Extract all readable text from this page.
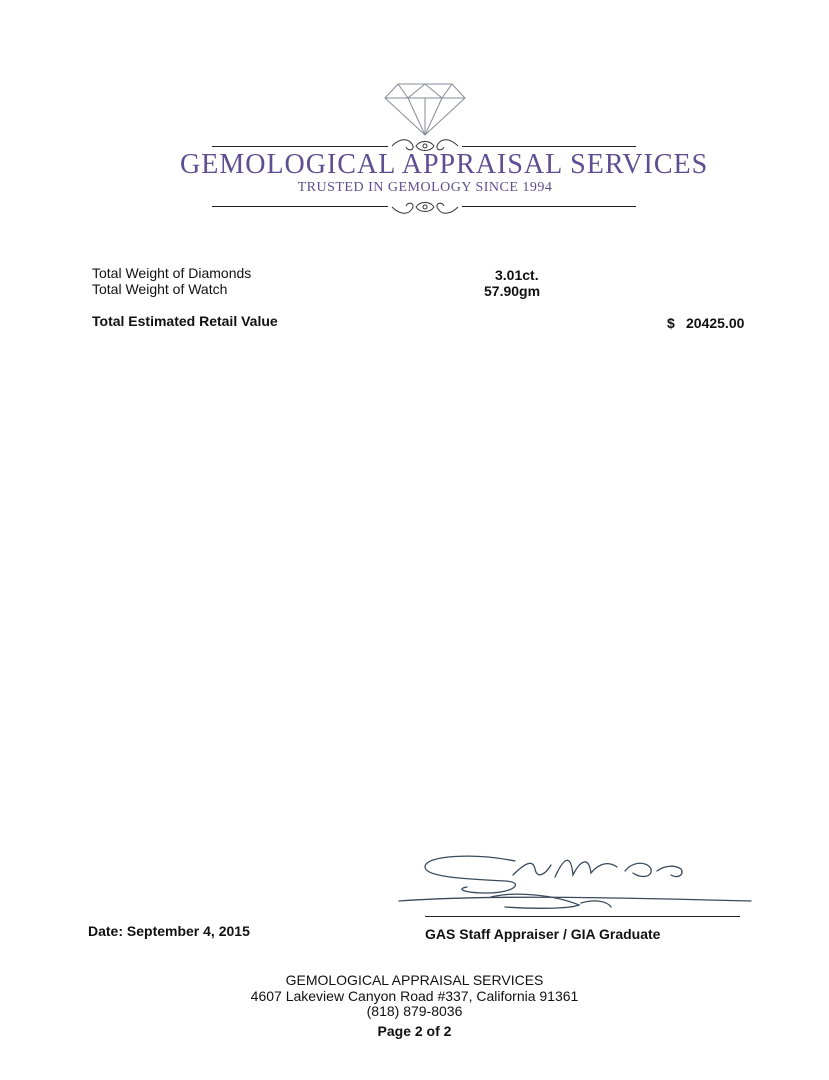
GEMOLOGICAL APPRAISAL SERVICES
TRUSTED IN GEMOLOGY SINCE 1994
Total Weight of Diamonds	3.01ct.
Total Weight of Watch	57.90gm
Total Estimated Retail Value	$ 20425.00
Date: September 4, 2015	GAS Staff Appraiser / GIA Graduate
GEMOLOGICAL APPRAISAL SERVICES
4607 Lakeview Canyon Road #337, California 91361
(818) 879-8036
Page 2 of 2
